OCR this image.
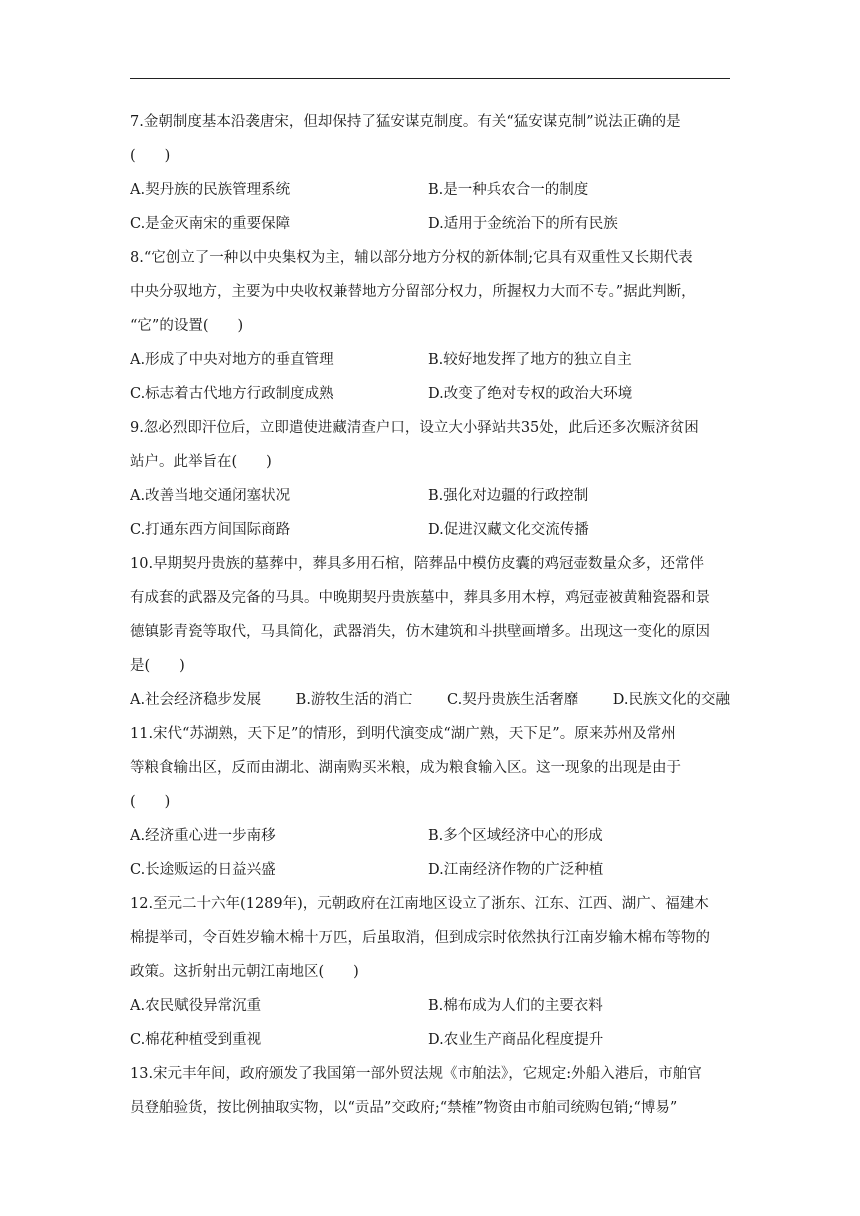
7.金朝制度基本沿袭唐宋，但却保持了猛安谋克制度。有关“猛安谋克制”说法正确的是
(　　)
A.契丹族的民族管理系统	B.是一种兵农合一的制度
C.是金灭南宋的重要保障	D.适用于金统治下的所有民族
8.“它创立了一种以中央集权为主，辅以部分地方分权的新体制;它具有双重性又长期代表
中央分驭地方，主要为中央收权兼替地方分留部分权力，所握权力大而不专。”据此判断，
“它”的设置(　　)
A.形成了中央对地方的垂直管理	B.较好地发挥了地方的独立自主
C.标志着古代地方行政制度成熟	D.改变了绝对专权的政治大环境
9.忽必烈即汗位后，立即遣使进藏清查户口，设立大小驿站共35处，此后还多次赈济贫困
站户。此举旨在(　　)
A.改善当地交通闭塞状况	B.强化对边疆的行政控制
C.打通东西方间国际商路	D.促进汉藏文化交流传播
10.早期契丹贵族的墓葬中，葬具多用石棺，陪葬品中模仿皮囊的鸡冠壶数量众多，还常伴
有成套的武器及完备的马具。中晚期契丹贵族墓中，葬具多用木椁，鸡冠壶被黄釉瓷器和景
德镇影青瓷等取代，马具简化，武器消失，仿木建筑和斗拱壁画增多。出现这一变化的原因
是(　　)
A.社会经济稳步发展 B.游牧生活的消亡 C.契丹贵族生活奢靡 D.民族文化的交融
11.宋代“苏湖熟，天下足”的情形，到明代演变成“湖广熟，天下足”。原来苏州及常州
等粮食输出区，反而由湖北、湖南购买米粮，成为粮食输入区。这一现象的出现是由于
(　　)
A.经济重心进一步南移	B.多个区域经济中心的形成
C.长途贩运的日益兴盛	D.江南经济作物的广泛种植
12.至元二十六年(1289年)，元朝政府在江南地区设立了浙东、江东、江西、湖广、福建木
棉提举司，令百姓岁输木棉十万匹，后虽取消，但到成宗时依然执行江南岁输木棉布等物的
政策。这折射出元朝江南地区(　　)
A.农民赋役异常沉重	B.棉布成为人们的主要衣料
C.棉花种植受到重视	D.农业生产商品化程度提升
13.宋元丰年间，政府颁发了我国第一部外贸法规《市舶法》，它规定:外船入港后，市舶官
员登舶验货，按比例抽取实物，以“贡品”交政府;“禁榷”物资由市舶司统购包销;“博易”
